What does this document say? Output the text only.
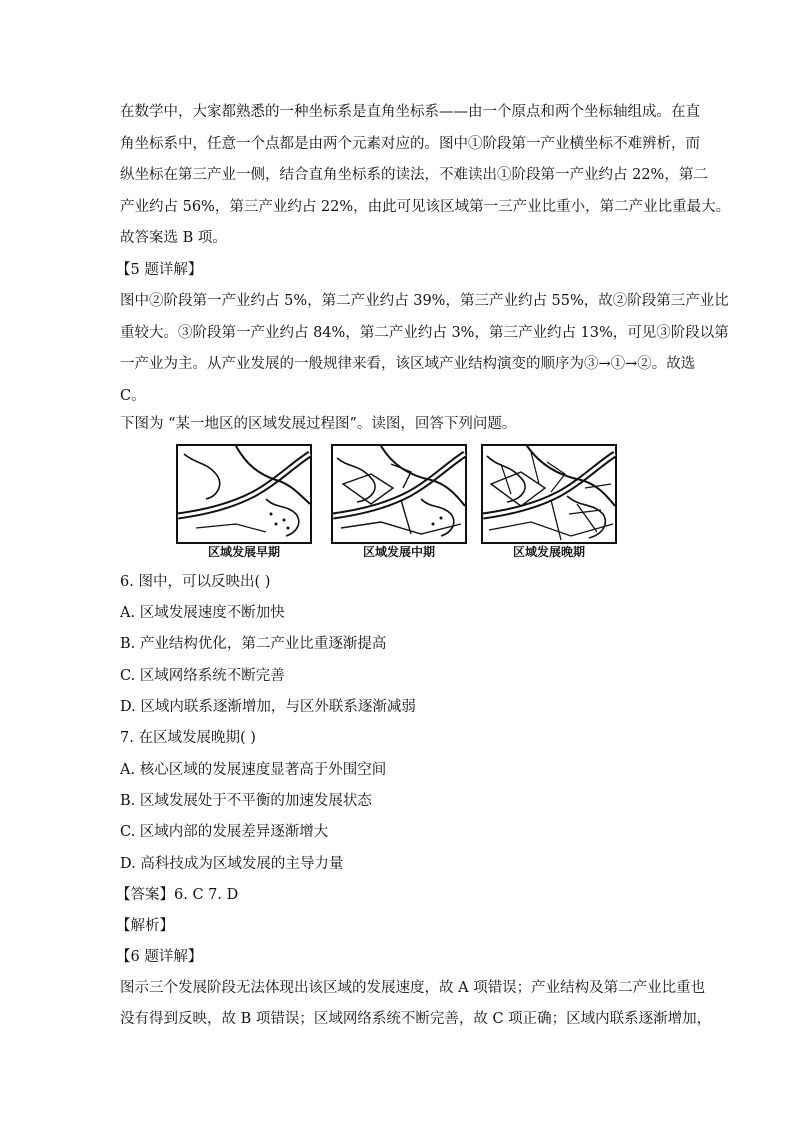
在数学中，大家都熟悉的一种坐标系是直角坐标系——由一个原点和两个坐标轴组成。在直
角坐标系中，任意一个点都是由两个元素对应的。图中①阶段第一产业横坐标不难辨析，而
纵坐标在第三产业一侧，结合直角坐标系的读法，不难读出①阶段第一产业约占 22%，第二
产业约占 56%，第三产业约占 22%，由此可见该区域第一三产业比重小，第二产业比重最大。
故答案选 B 项。
【5 题详解】
图中②阶段第一产业约占 5%，第二产业约占 39%，第三产业约占 55%，故②阶段第三产业比
重较大。③阶段第一产业约占 84%，第二产业约占 3%，第三产业约占 13%，可见③阶段以第
一产业为主。从产业发展的一般规律来看，该区域产业结构演变的顺序为③→①→②。故选
C。
下图为 “某一地区的区域发展过程图”。读图，回答下列问题。
区域发展早期	区域发展中期	区域发展晚期
6. 图中，可以反映出( )
A. 区域发展速度不断加快
B. 产业结构优化，第二产业比重逐渐提高
C. 区域网络系统不断完善
D. 区域内联系逐渐增加，与区外联系逐渐减弱
7. 在区域发展晚期( )
A. 核心区域的发展速度显著高于外围空间
B. 区域发展处于不平衡的加速发展状态
C. 区域内部的发展差异逐渐增大
D. 高科技成为区域发展的主导力量
【答案】6. C 7. D
【解析】
【6 题详解】
图示三个发展阶段无法体现出该区域的发展速度，故 A 项错误；产业结构及第二产业比重也
没有得到反映，故 B 项错误；区域网络系统不断完善，故 C 项正确；区域内联系逐渐增加，
